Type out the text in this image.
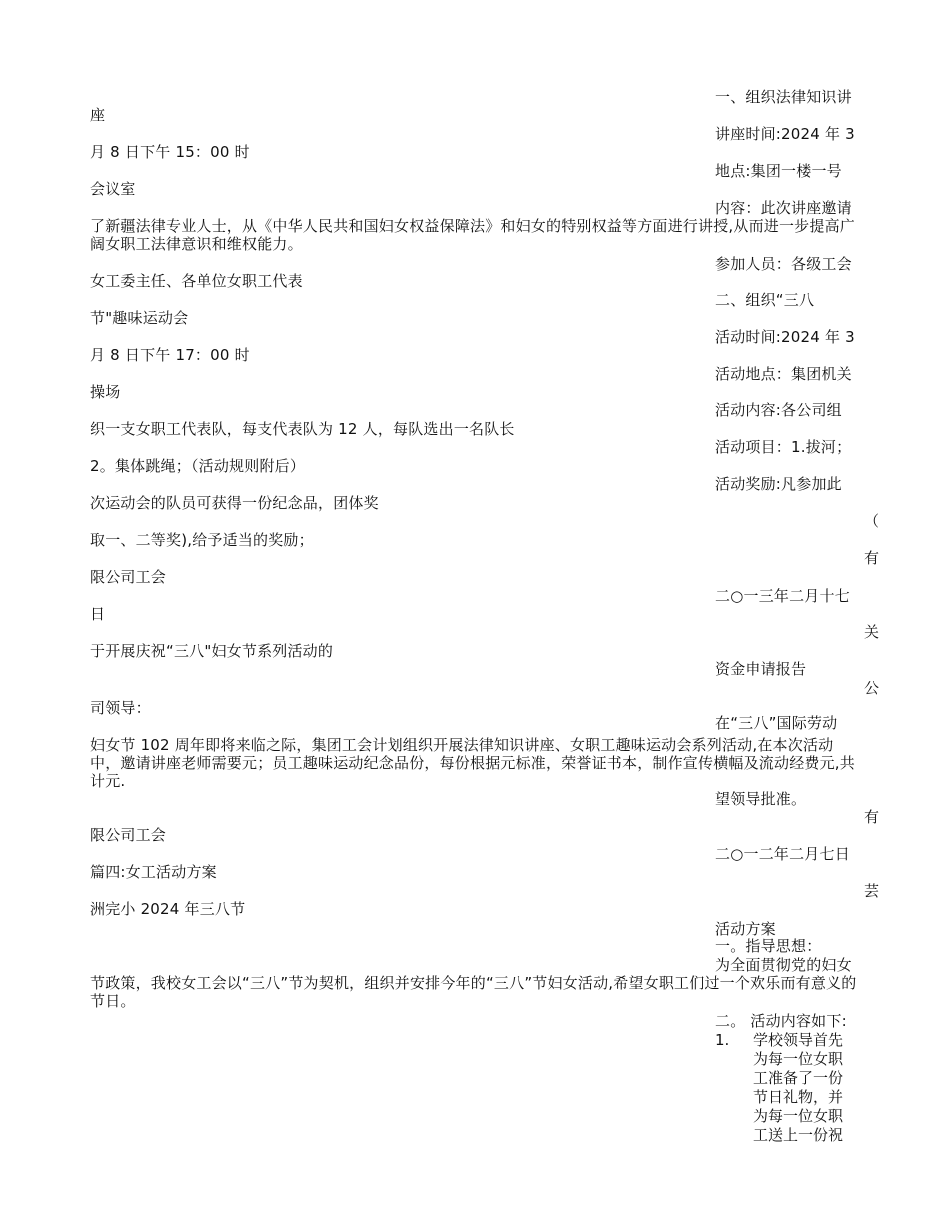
座

月 8 日下午 15：00 时

会议室

了新疆法律专业人士，从《中华人民共和国妇女权益保障法》和妇女的特别权益等方面进行讲授,从而进一步提高广阔女职工法律意识和维权能力。

女工委主任、各单位女职工代表

节"趣味运动会

月 8 日下午 17：00 时

操场

织一支女职工代表队，每支代表队为 12 人，每队选出一名队长

2。集体跳绳；（活动规则附后）

次运动会的队员可获得一份纪念品，团体奖

取一、二等奖),给予适当的奖励；

限公司工会

日

于开展庆祝“三八"妇女节系列活动的

司领导：

妇女节 102 周年即将来临之际，集团工会计划组织开展法律知识讲座、女职工趣味运动会系列活动,在本次活动中，邀请讲座老师需要元；员工趣味运动纪念品份，每份根据元标准，荣誉证书本，制作宣传横幅及流动经费元,共计元.

限公司工会

篇四:女工活动方案

洲完小 2024 年三八节

节政策，我校女工会以“三八”节为契机，组织并安排今年的“三八”节妇女活动,希望女职工们过一个欢乐而有意义的节日。

一、组织法律知识讲

讲座时间:2024 年 3

地点:集团一楼一号

内容：此次讲座邀请

参加人员：各级工会

二、组织“三八

活动时间:2024 年 3

活动地点：集团机关

活动内容:各公司组

活动项目：1.拔河；

活动奖励:凡参加此

二○一三年二月十七

资金申请报告

在“三八”国际劳动

望领导批准。

二○一二年二月七日

活动方案

一。指导思想：

为全面贯彻党的妇女

二。 活动内容如下:

（

有

关

公

有

芸

1. 学校领导首先为每一位女职工准备了一份节日礼物，并为每一位女职工送上一份祝
